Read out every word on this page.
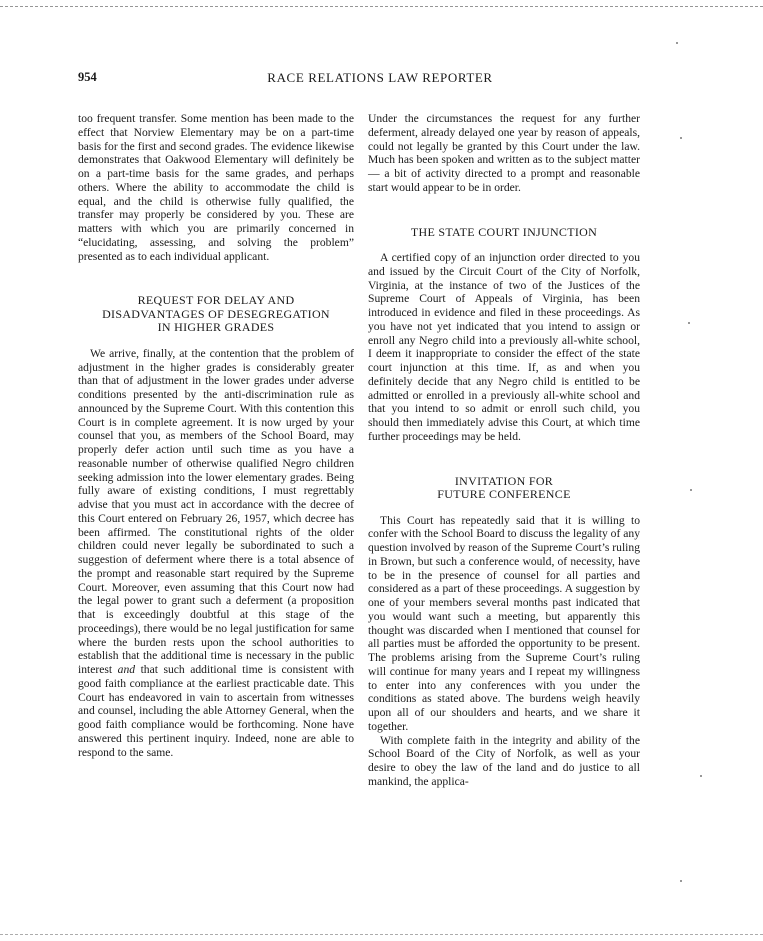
954	RACE RELATIONS LAW REPORTER

too frequent transfer. Some mention has been made to the effect that Norview Elementary may be on a part-time basis for the first and second grades. The evidence likewise demonstrates that Oakwood Elementary will definitely be on a part-time basis for the same grades, and perhaps others. Where the ability to accommodate the child is equal, and the child is otherwise fully qualified, the transfer may properly be considered by you. These are matters with which you are primarily concerned in “elucidating, assessing, and solving the problem” presented as to each individual applicant.

REQUEST FOR DELAY AND
DISADVANTAGES OF DESEGREGATION
IN HIGHER GRADES

We arrive, finally, at the contention that the problem of adjustment in the higher grades is considerably greater than that of adjustment in the lower grades under adverse conditions presented by the anti-discrimination rule as announced by the Supreme Court. With this contention this Court is in complete agreement. It is now urged by your counsel that you, as members of the School Board, may properly defer action until such time as you have a reasonable number of otherwise qualified Negro children seeking admission into the lower elementary grades. Being fully aware of existing conditions, I must regrettably advise that you must act in accordance with the decree of this Court entered on February 26, 1957, which decree has been affirmed. The constitutional rights of the older children could never legally be subordinated to such a suggestion of deferment where there is a total absence of the prompt and reasonable start required by the Supreme Court. Moreover, even assuming that this Court now had the legal power to grant such a deferment (a proposition that is exceedingly doubtful at this stage of the proceedings), there would be no legal justification for same where the burden rests upon the school authorities to establish that the additional time is necessary in the public interest and that such additional time is consistent with good faith compliance at the earliest practicable date. This Court has endeavored in vain to ascertain from witnesses and counsel, including the able Attorney General, when the good faith compliance would be forthcoming. None have answered this pertinent inquiry. Indeed, none are able to respond to the same.

Under the circumstances the request for any further deferment, already delayed one year by reason of appeals, could not legally be granted by this Court under the law. Much has been spoken and written as to the subject matter— a bit of activity directed to a prompt and reasonable start would appear to be in order.

THE STATE COURT INJUNCTION

A certified copy of an injunction order directed to you and issued by the Circuit Court of the City of Norfolk, Virginia, at the instance of two of the Justices of the Supreme Court of Appeals of Virginia, has been introduced in evidence and filed in these proceedings. As you have not yet indicated that you intend to assign or enroll any Negro child into a previously all-white school, I deem it inappropriate to consider the effect of the state court injunction at this time. If, as and when you definitely decide that any Negro child is entitled to be admitted or enrolled in a previously all-white school and that you intend to so admit or enroll such child, you should then immediately advise this Court, at which time further proceedings may be held.

INVITATION FOR
FUTURE CONFERENCE

This Court has repeatedly said that it is willing to confer with the School Board to discuss the legality of any question involved by reason of the Supreme Court’s ruling in Brown, but such a conference would, of necessity, have to be in the presence of counsel for all parties and considered as a part of these proceedings. A suggestion by one of your members several months past indicated that you would want such a meeting, but apparently this thought was discarded when I mentioned that counsel for all parties must be afforded the opportunity to be present. The problems arising from the Supreme Court’s ruling will continue for many years and I repeat my willingness to enter into any conferences with you under the conditions as stated above. The burdens weigh heavily upon all of our shoulders and hearts, and we share it together.

With complete faith in the integrity and ability of the School Board of the City of Norfolk, as well as your desire to obey the law of the land and do justice to all mankind, the applica-
